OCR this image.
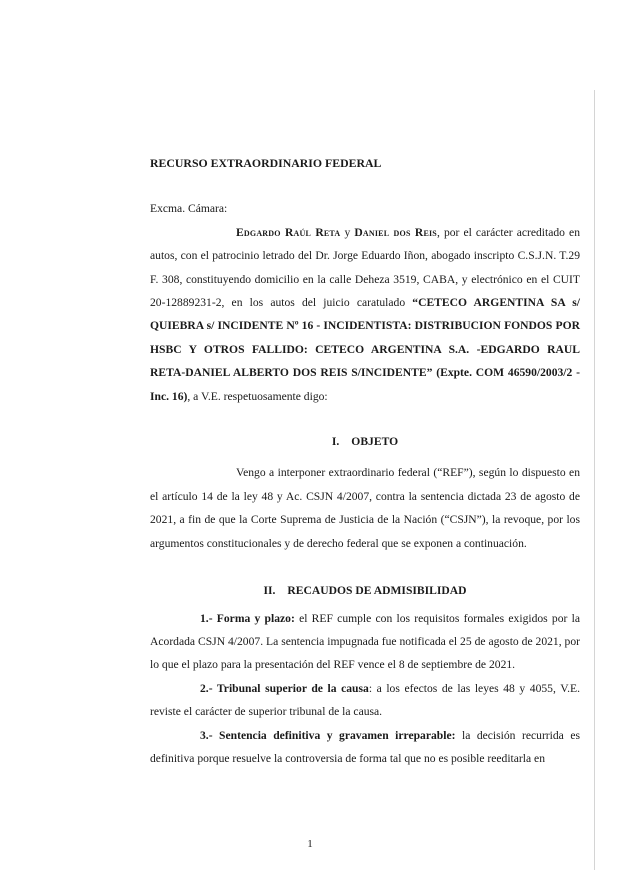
RECURSO EXTRAORDINARIO FEDERAL
Excma. Cámara:

Edgardo Raúl Reta y Daniel dos Reis, por el carácter acreditado en autos, con el patrocinio letrado del Dr. Jorge Eduardo Iñon, abogado inscripto C.S.J.N. T.29 F. 308, constituyendo domicilio en la calle Deheza 3519, CABA, y electrónico en el CUIT 20-12889231-2, en los autos del juicio caratulado “CETECO ARGENTINA SA s/ QUIEBRA s/ INCIDENTE Nº 16 - INCIDENTISTA: DISTRIBUCION FONDOS POR HSBC Y OTROS FALLIDO: CETECO ARGENTINA S.A. -EDGARDO RAUL RETA-DANIEL ALBERTO DOS REIS S/INCIDENTE” (Expte. COM 46590/2003/2 -Inc. 16), a V.E. respetuosamente digo:

I. OBJETO

Vengo a interponer extraordinario federal (“REF”), según lo dispuesto en el artículo 14 de la ley 48 y Ac. CSJN 4/2007, contra la sentencia dictada 23 de agosto de 2021, a fin de que la Corte Suprema de Justicia de la Nación (“CSJN”), la revoque, por los argumentos constitucionales y de derecho federal que se exponen a continuación.

II. RECAUDOS DE ADMISIBILIDAD

1.- Forma y plazo: el REF cumple con los requisitos formales exigidos por la Acordada CSJN 4/2007. La sentencia impugnada fue notificada el 25 de agosto de 2021, por lo que el plazo para la presentación del REF vence el 8 de septiembre de 2021.

2.- Tribunal superior de la causa: a los efectos de las leyes 48 y 4055, V.E. reviste el carácter de superior tribunal de la causa.

3.- Sentencia definitiva y gravamen irreparable: la decisión recurrida es definitiva porque resuelve la controversia de forma tal que no es posible reeditarla en

1
